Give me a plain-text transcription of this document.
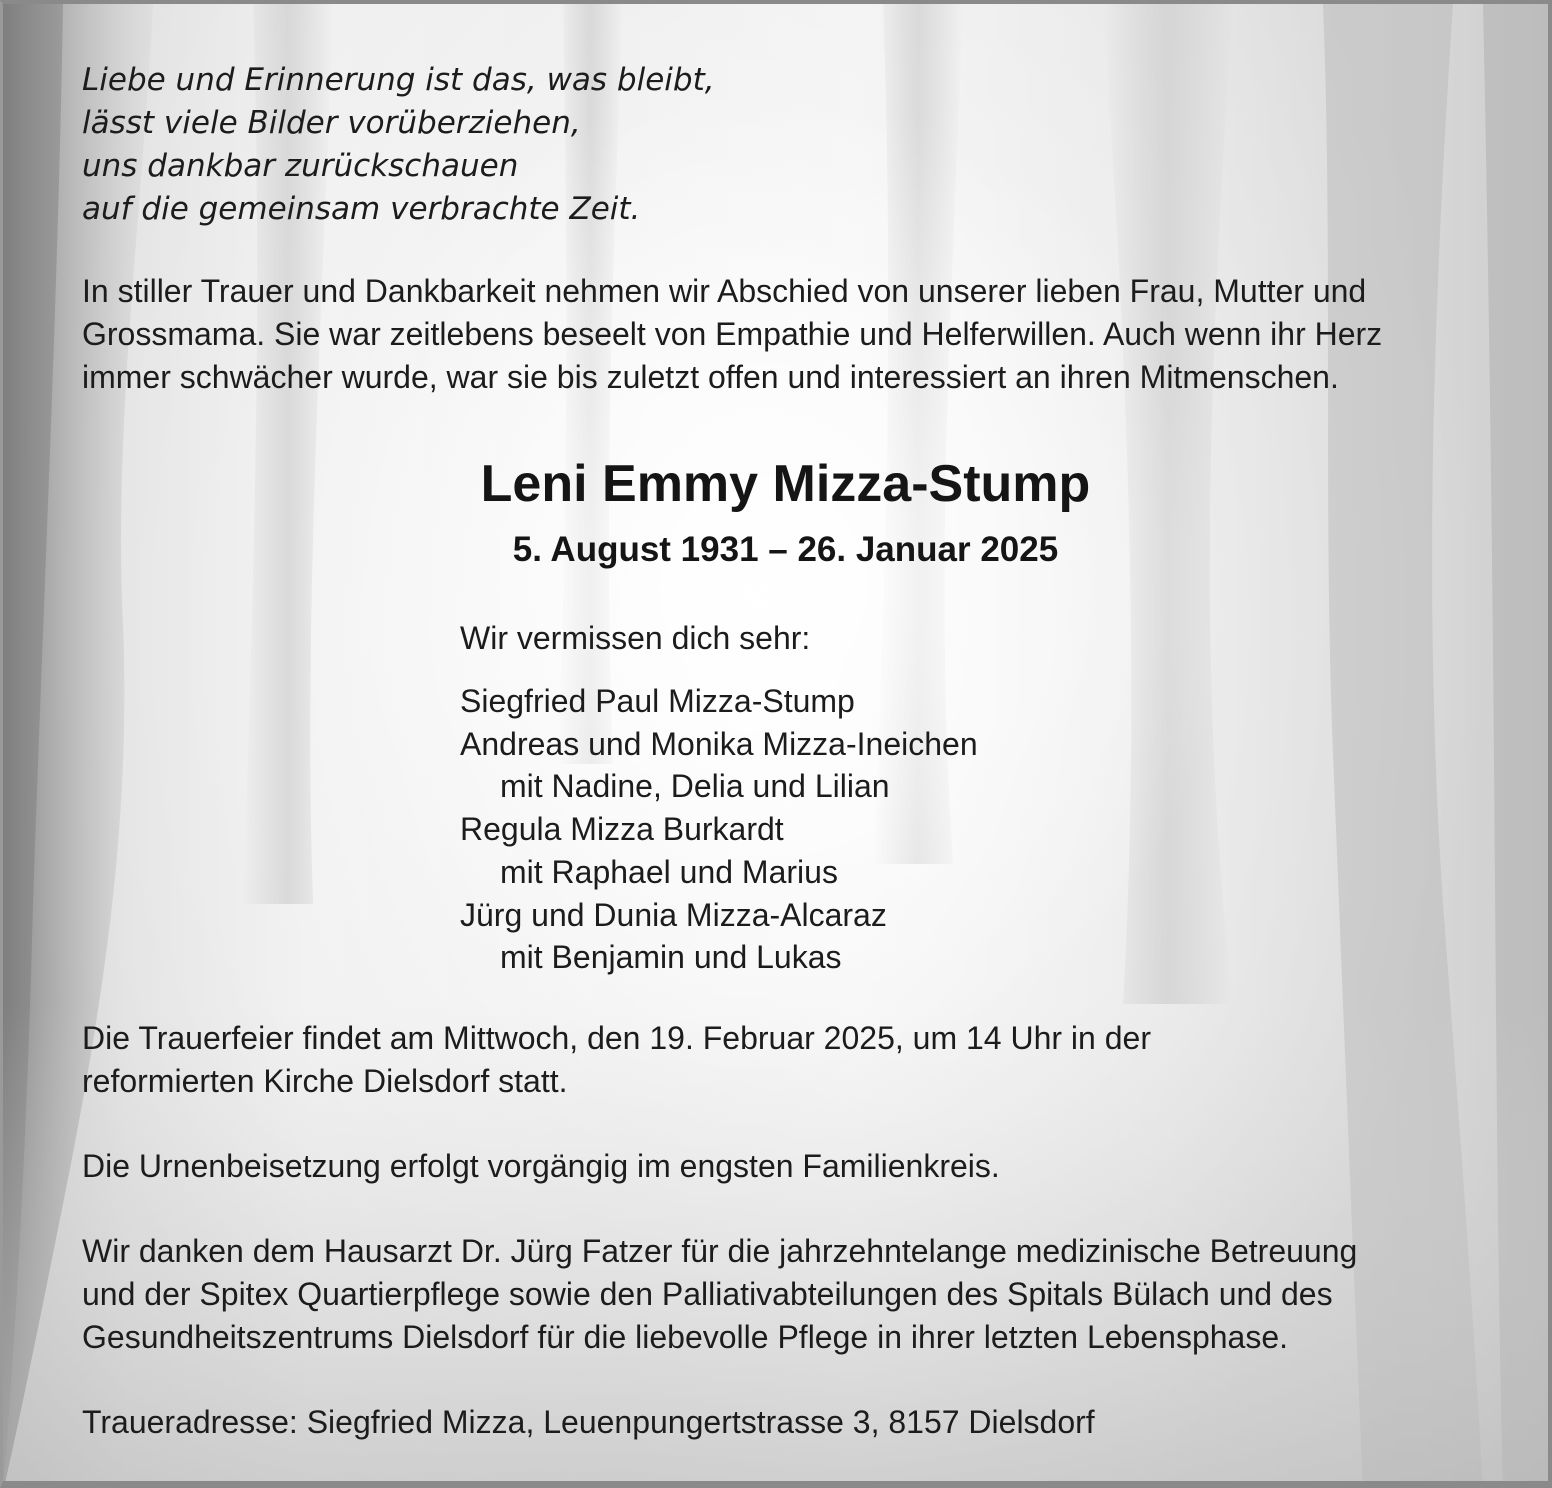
Liebe und Erinnerung ist das, was bleibt,
lässt viele Bilder vorüberziehen,
uns dankbar zurückschauen
auf die gemeinsam verbrachte Zeit.
In stiller Trauer und Dankbarkeit nehmen wir Abschied von unserer lieben Frau, Mutter und
Grossmama. Sie war zeitlebens beseelt von Empathie und Helferwillen. Auch wenn ihr Herz
immer schwächer wurde, war sie bis zuletzt offen und interessiert an ihren Mitmenschen.
Leni Emmy Mizza-Stump
5. August 1931 – 26. Januar 2025
Wir vermissen dich sehr:
Siegfried Paul Mizza-Stump
Andreas und Monika Mizza-Ineichen
mit Nadine, Delia und Lilian
Regula Mizza Burkardt
mit Raphael und Marius
Jürg und Dunia Mizza-Alcaraz
mit Benjamin und Lukas
Die Trauerfeier findet am Mittwoch, den 19. Februar 2025, um 14 Uhr in der
reformierten Kirche Dielsdorf statt.
Die Urnenbeisetzung erfolgt vorgängig im engsten Familienkreis.
Wir danken dem Hausarzt Dr. Jürg Fatzer für die jahrzehntelange medizinische Betreuung
und der Spitex Quartierpflege sowie den Palliativabteilungen des Spitals Bülach und des
Gesundheitszentrums Dielsdorf für die liebevolle Pflege in ihrer letzten Lebensphase.
Traueradresse: Siegfried Mizza, Leuenpungertstrasse 3, 8157 Dielsdorf
